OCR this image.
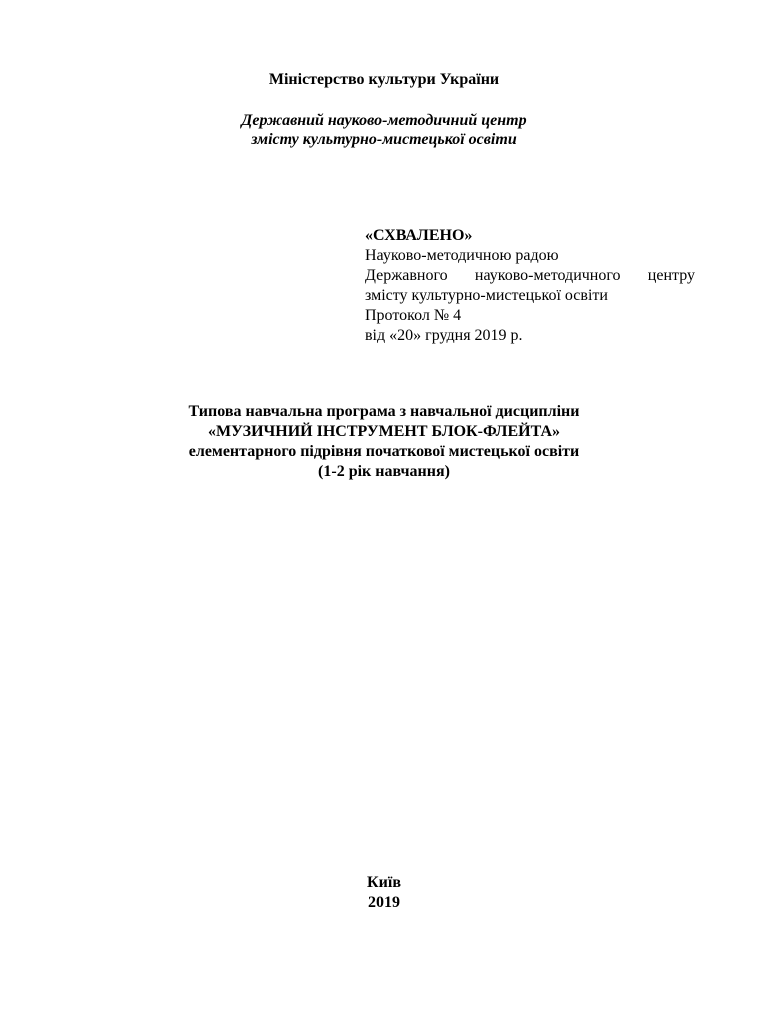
Міністерство культури України
Державний науково-методичний центр
змісту культурно-мистецької освіти
«СХВАЛЕНО»
Науково-методичною радою
Державного науково-методичного центру
змісту культурно-мистецької освіти
Протокол № 4
від «20» грудня 2019 р.
Типова навчальна програма з навчальної дисципліни
«МУЗИЧНИЙ ІНСТРУМЕНТ БЛОК-ФЛЕЙТА»
елементарного підрівня початкової мистецької освіти
(1-2 рік навчання)
Київ
2019
